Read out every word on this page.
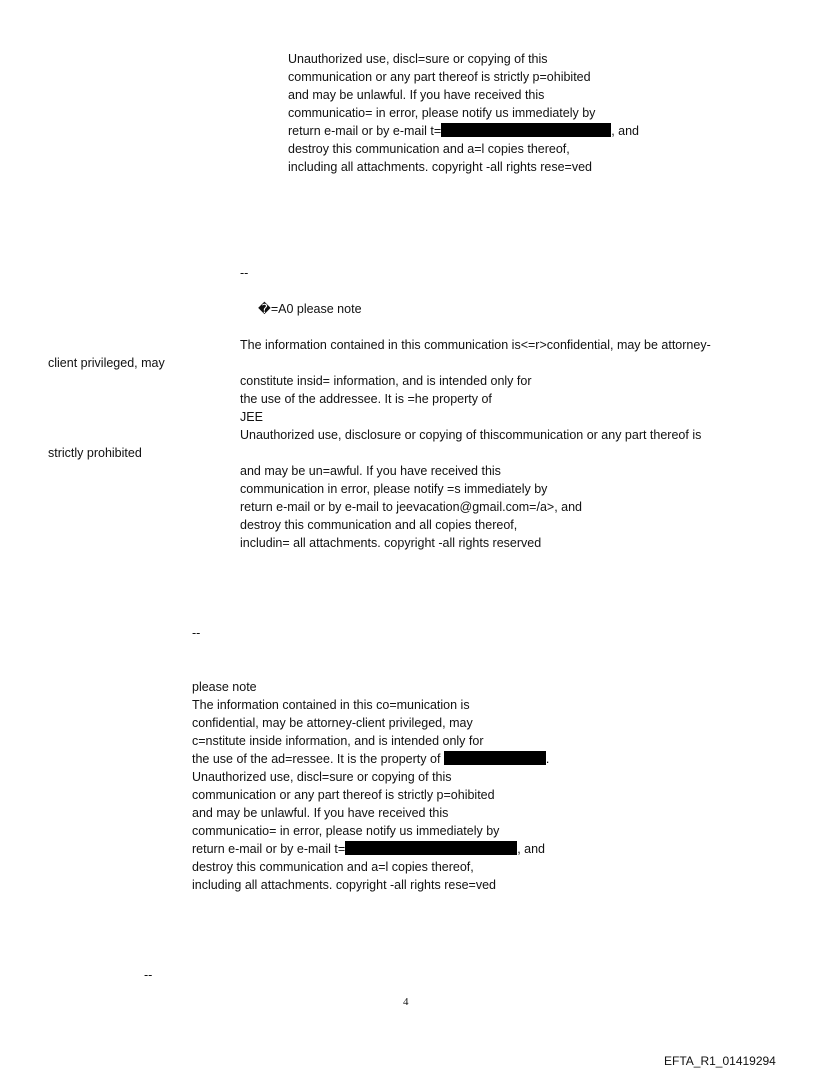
Unauthorized use, discl=sure or copying of this
communication or any part thereof is strictly p=ohibited
and may be unlawful. If you have received this
communicatio= in error, please notify us immediately by
return e-mail or by e-mail t=	, and
destroy this communication and a=l copies thereof,
including all attachments. copyright -all rights rese=ved
--
�=A0 please note
The information contained in this communication is<=r>confidential, may be attorney-
client privileged, may
constitute insid= information, and is intended only for
the use of the addressee. It is =he property of
JEE
Unauthorized use, disclosure or copying of thiscommunication or any part thereof is
strictly prohibited
and may be un=awful. If you have received this
communication in error, please notify =s immediately by
return e-mail or by e-mail to jeevacation@gmail.com=/a>, and
destroy this communication and all copies thereof,
includin= all attachments. copyright -all rights reserved
--
please note
The information contained in this co=munication is
confidential, may be attorney-client privileged, may
c=nstitute inside information, and is intended only for
the use of the ad=ressee. It is the property of	.
Unauthorized use, discl=sure or copying of this
communication or any part thereof is strictly p=ohibited
and may be unlawful. If you have received this
communicatio= in error, please notify us immediately by
return e-mail or by e-mail t=	, and
destroy this communication and a=l copies thereof,
including all attachments. copyright -all rights rese=ved
--
4
EFTA_R1_01419294
